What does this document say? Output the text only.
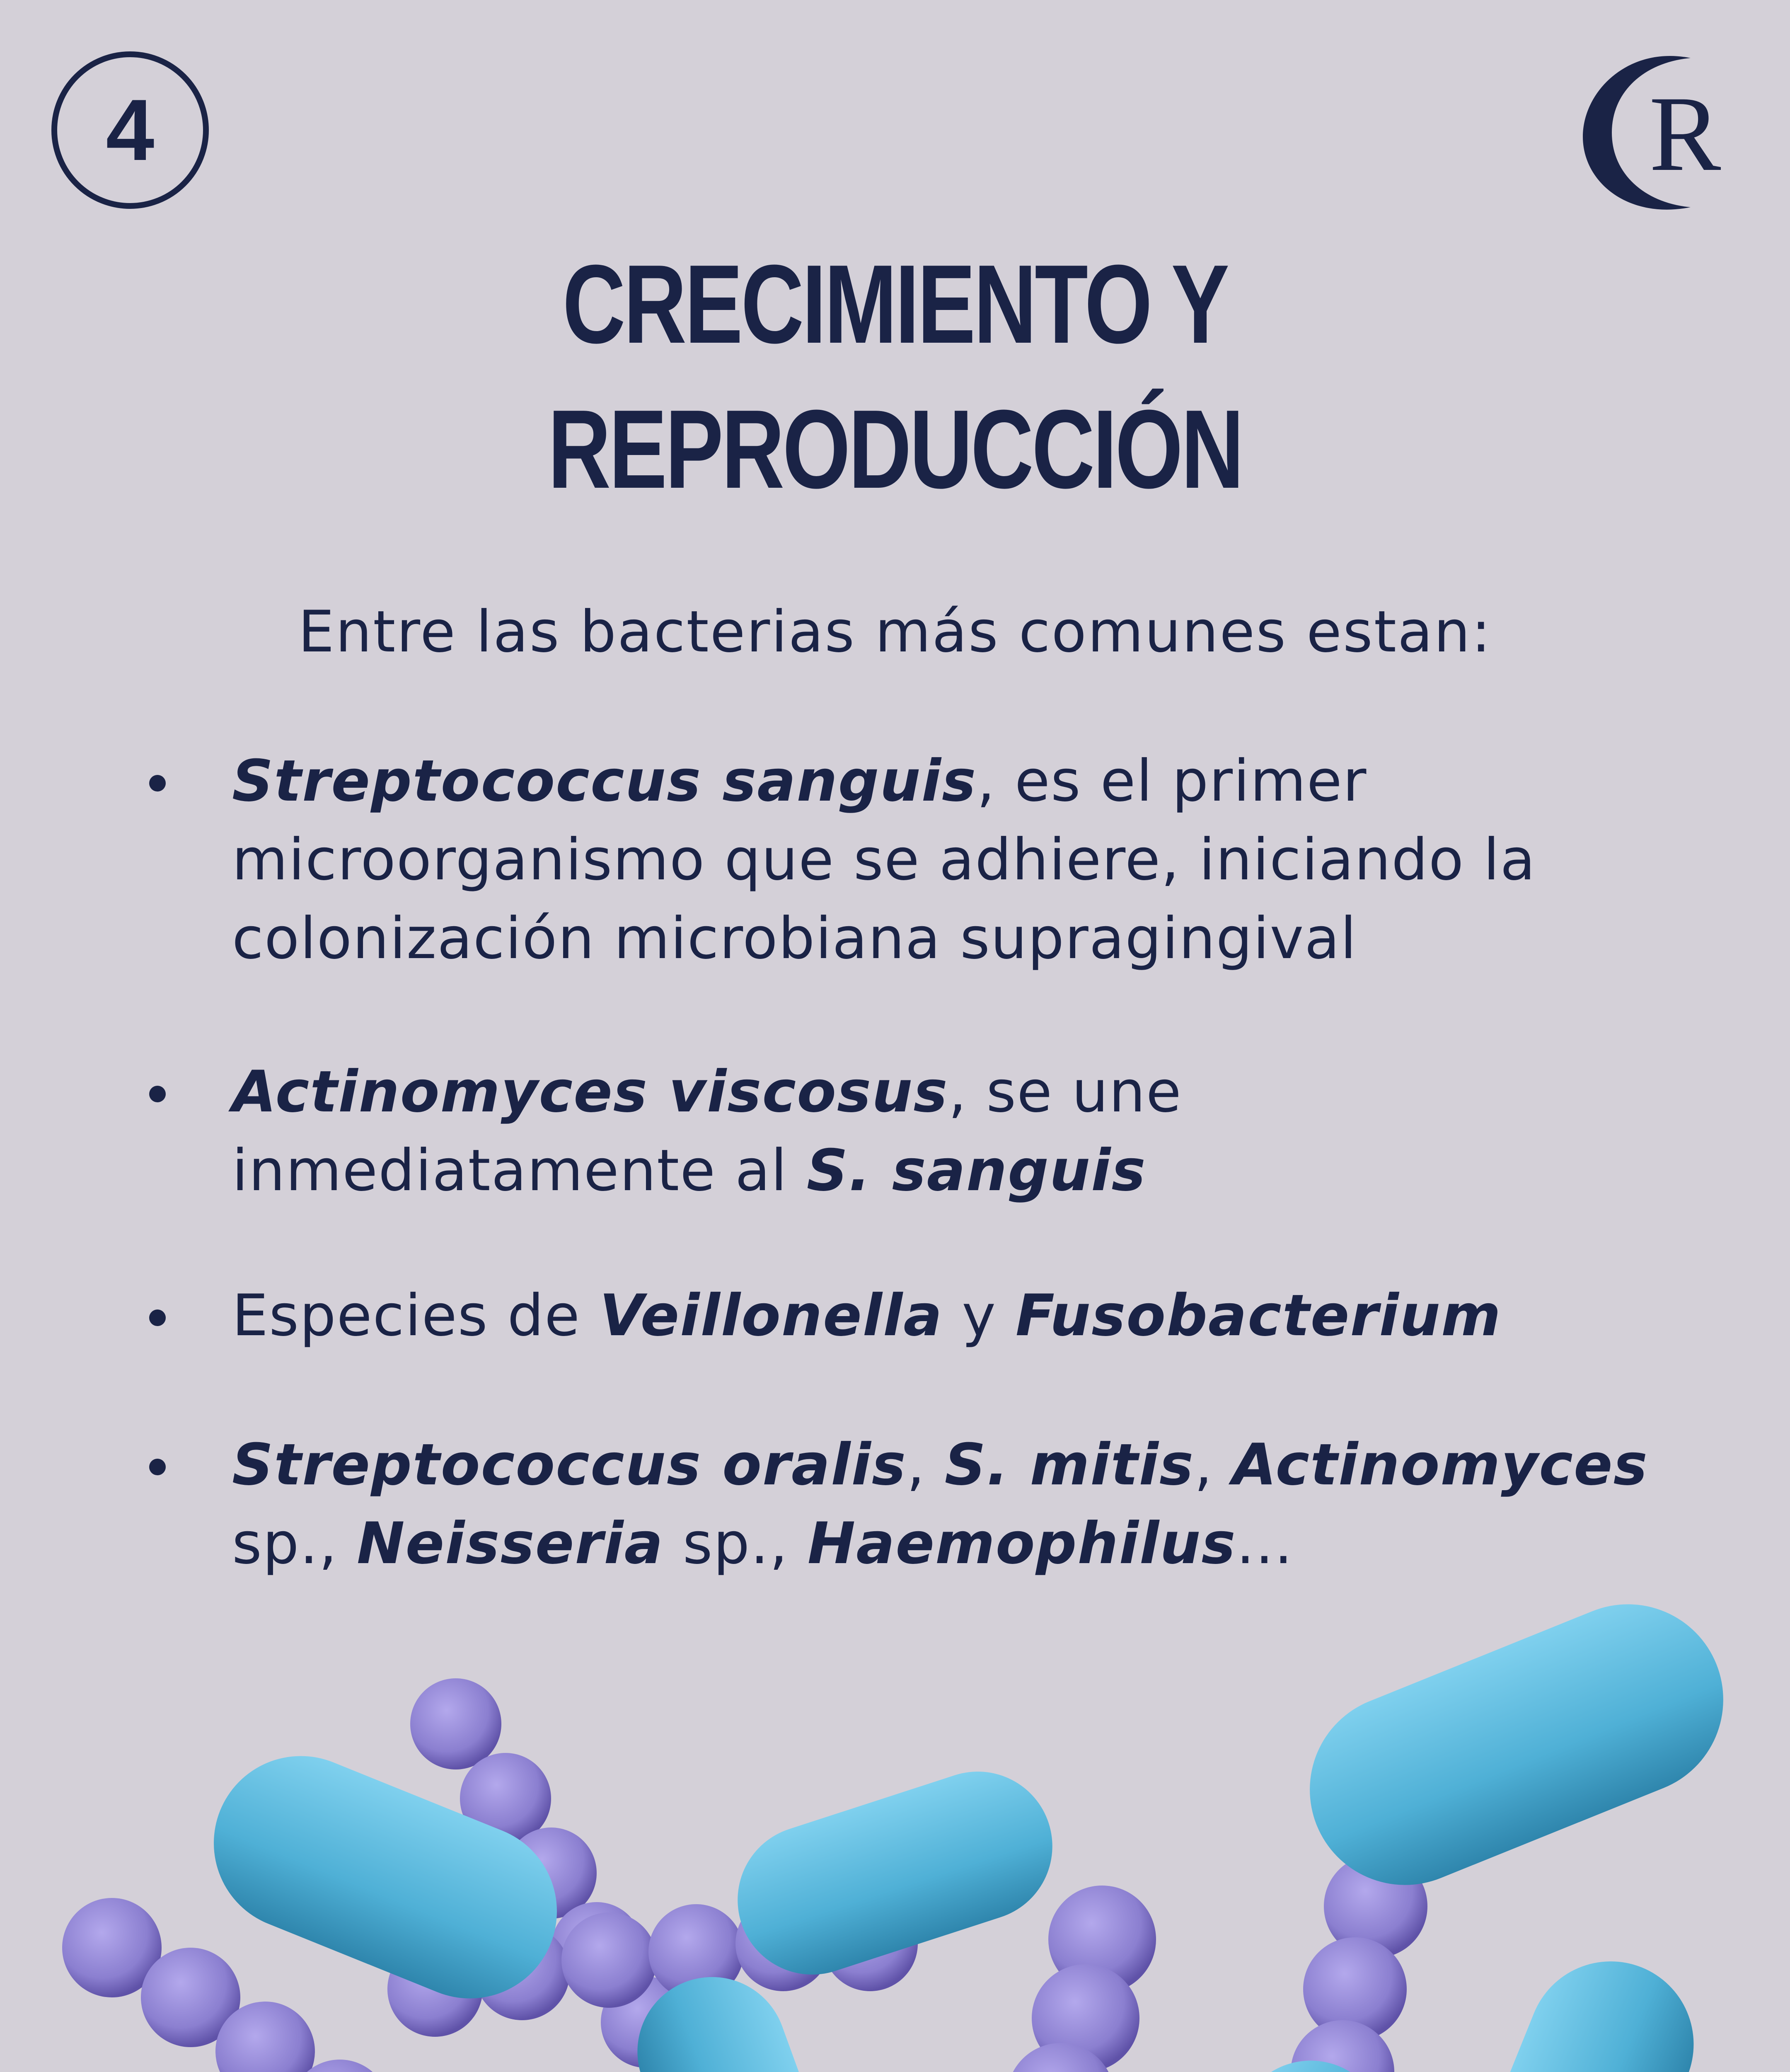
4	R
CRECIMIENTO Y
REPRODUCCIÓN
Entre las bacterias más comunes estan:
Streptococcus sanguis, es el primer microorganismo que se adhiere, iniciando la colonización microbiana supragingival
Actinomyces viscosus, se une inmediatamente al S. sanguis
Especies de Veillonella y Fusobacterium
Streptococcus oralis, S. mitis, Actinomyces sp., Neisseria sp., Haemophilus...
